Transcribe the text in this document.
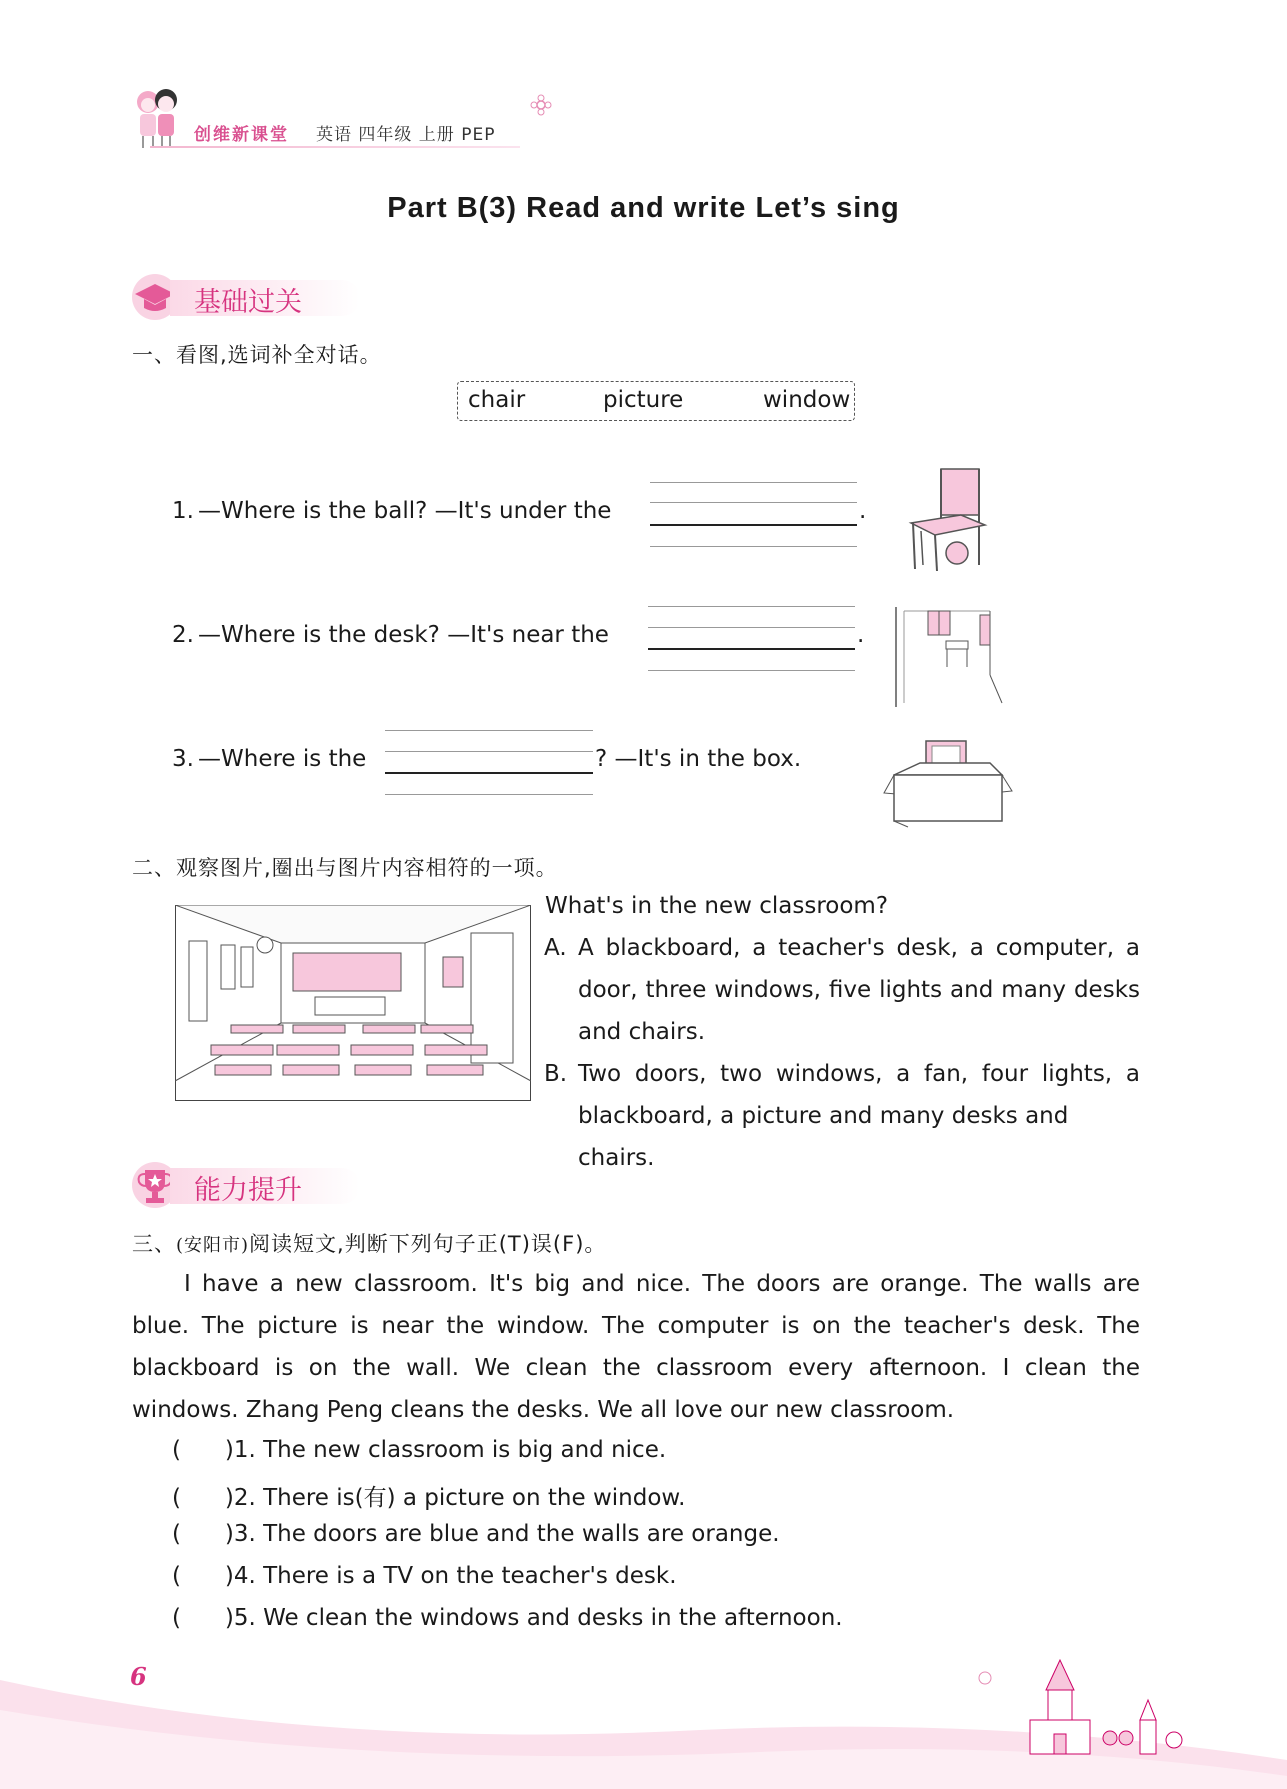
创维新课堂 英语 四年级 上册 PEP
Part B(3) Read and write Let’s sing
基础过关
一、看图,选词补全对话。
chair	picture	window
1. —Where is the ball? —It's under the	.
2. —Where is the desk? —It's near the	.
3. —Where is the	? —It's in the box.
二、观察图片,圈出与图片内容相符的一项。
What's in the new classroom?
A. A blackboard, a teacher's desk, a computer, a
door, three windows, five lights and many desks
and chairs.
B. Two doors, two windows, a fan, four lights, a
blackboard, a picture and many desks and chairs.
能力提升
三、(安阳市)阅读短文,判断下列句子正(T)误(F)。
I have a new classroom. It's big and nice. The doors are orange. The walls are blue. The picture is near the window. The computer is on the teacher's desk. The blackboard is on the wall. We clean the classroom every afternoon. I clean the windows. Zhang Peng cleans the desks. We all love our new classroom.
(      )1. The new classroom is big and nice.
(      )2. There is(有) a picture on the window.
(      )3. The doors are blue and the walls are orange.
(      )4. There is a TV on the teacher's desk.
(      )5. We clean the windows and desks in the afternoon.
6
